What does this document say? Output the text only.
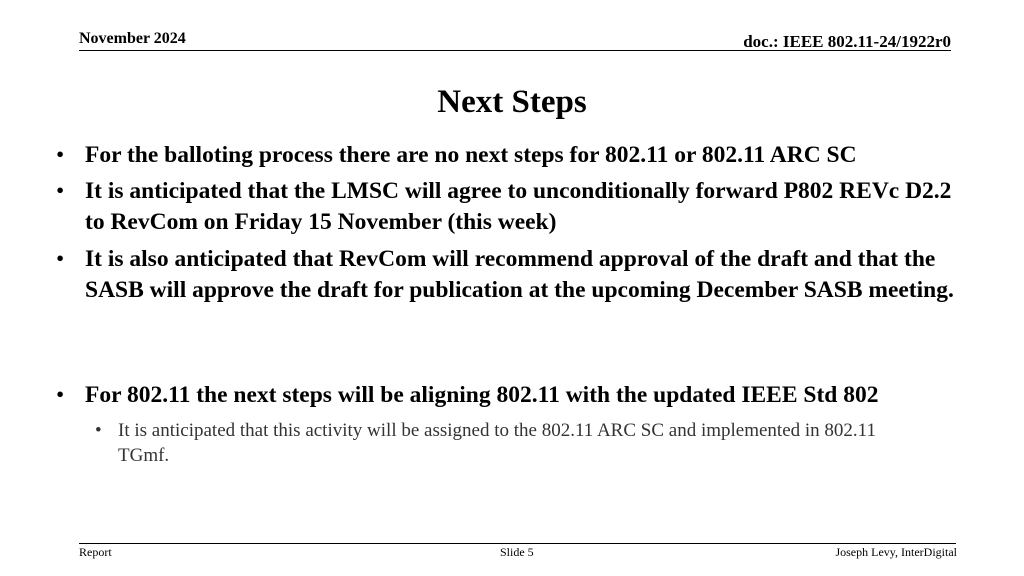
November 2024	doc.: IEEE 802.11-24/1922r0
Next Steps
• For the balloting process there are no next steps for 802.11 or 802.11 ARC SC
• It is anticipated that the LMSC will agree to unconditionally forward P802 REVc D2.2 to RevCom on Friday 15 November (this week)
• It is also anticipated that RevCom will recommend approval of the draft and that the SASB will approve the draft for publication at the upcoming December SASB meeting.
• For 802.11 the next steps will be aligning 802.11 with the updated IEEE Std 802
• It is anticipated that this activity will be assigned to the 802.11 ARC SC and implemented in 802.11 TGmf.
Report	Slide 5	Joseph Levy, InterDigital
